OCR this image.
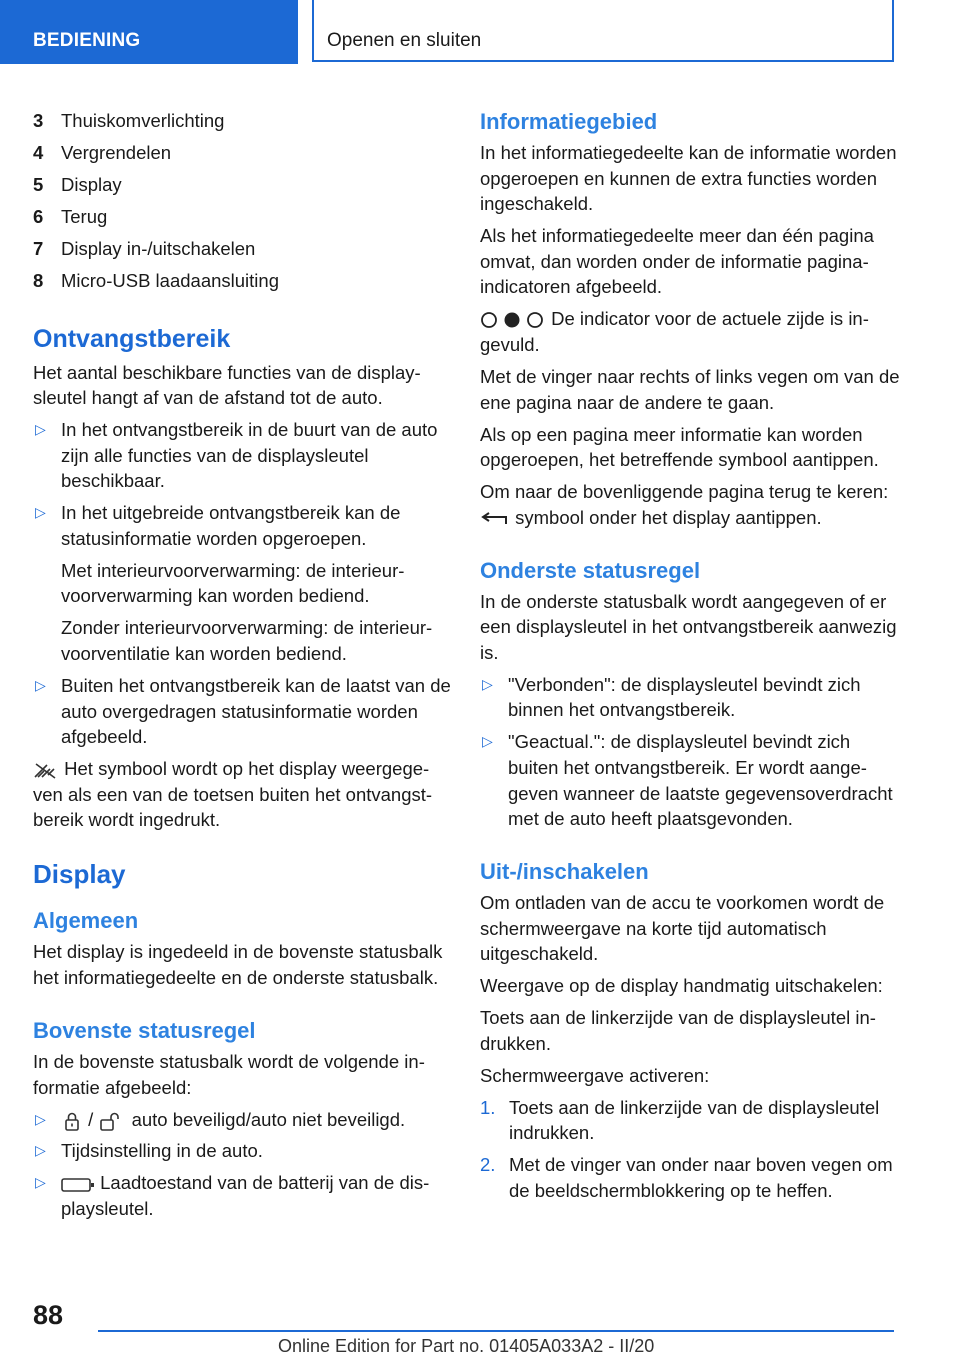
BEDIENING	Openen en sluiten
3 Thuiskomverlichting
4 Vergrendelen
5 Display
6 Terug
7 Display in-/uitschakelen
8 Micro-USB laadaansluiting
Ontvangstbereik

Het aantal beschikbare functies van de displaysleutel hangt af van de afstand tot de auto.

▷ In het ontvangstbereik in de buurt van de auto zijn alle functies van de displaysleutel beschikbaar.
▷ In het uitgebreide ontvangstbereik kan de statusinformatie worden opgeroepen.

Met interieurvoorverwarming: de interieurvoorverwarming kan worden bediend.

Zonder interieurvoorverwarming: de interieurvoorventilatie kan worden bediend.

▷ Buiten het ontvangstbereik kan de laatst van de auto overgedragen statusinformatie worden afgebeeld.

Het symbool wordt op het display weergegeven als een van de toetsen buiten het ontvangstbereik wordt ingedrukt.

Display
Algemeen

Het display is ingedeeld in de bovenste statusbalk het informatiegedeelte en de onderste statusbalk.

Bovenste statusregel

In de bovenste statusbalk wordt de volgende informatie afgebeeld:

▷ / auto beveiligd/auto niet beveiligd.
▷ Tijdsinstelling in de auto.
▷	Laadtoestand van de batterij van de displaysleutel.
Informatiegebied

In het informatiegedeelte kan de informatie worden opgeroepen en kunnen de extra functies worden ingeschakeld.

Als het informatiegedeelte meer dan één pagina omvat, dan worden onder de informatie paginaindicatoren afgebeeld.

De indicator voor de actuele zijde is ingevuld.

Met de vinger naar rechts of links vegen om van de ene pagina naar de andere te gaan.

Als op een pagina meer informatie kan worden opgeroepen, het betreffende symbool aantippen.

Om naar de bovenliggende pagina terug te keren:  symbool onder het display aantippen.

Onderste statusregel

In de onderste statusbalk wordt aangegeven of er een displaysleutel in het ontvangstbereik aanwezig is.

▷ "Verbonden": de displaysleutel bevindt zich binnen het ontvangstbereik.
▷ "Geactual.": de displaysleutel bevindt zich buiten het ontvangstbereik. Er wordt aangegeven wanneer de laatste gegevensoverdracht met de auto heeft plaatsgevonden.
Uit-/inschakelen

Om ontladen van de accu te voorkomen wordt de schermweergave na korte tijd automatisch uitgeschakeld.

Weergave op de display handmatig uitschakelen:

Toets aan de linkerzijde van de displaysleutel indrukken.

Schermweergave activeren:

1. Toets aan de linkerzijde van de displaysleutel indrukken.
2. Met de vinger van onder naar boven vegen om de beeldschermblokkering op te heffen.
88
Online Edition for Part no. 01405A033A2 - II/20
